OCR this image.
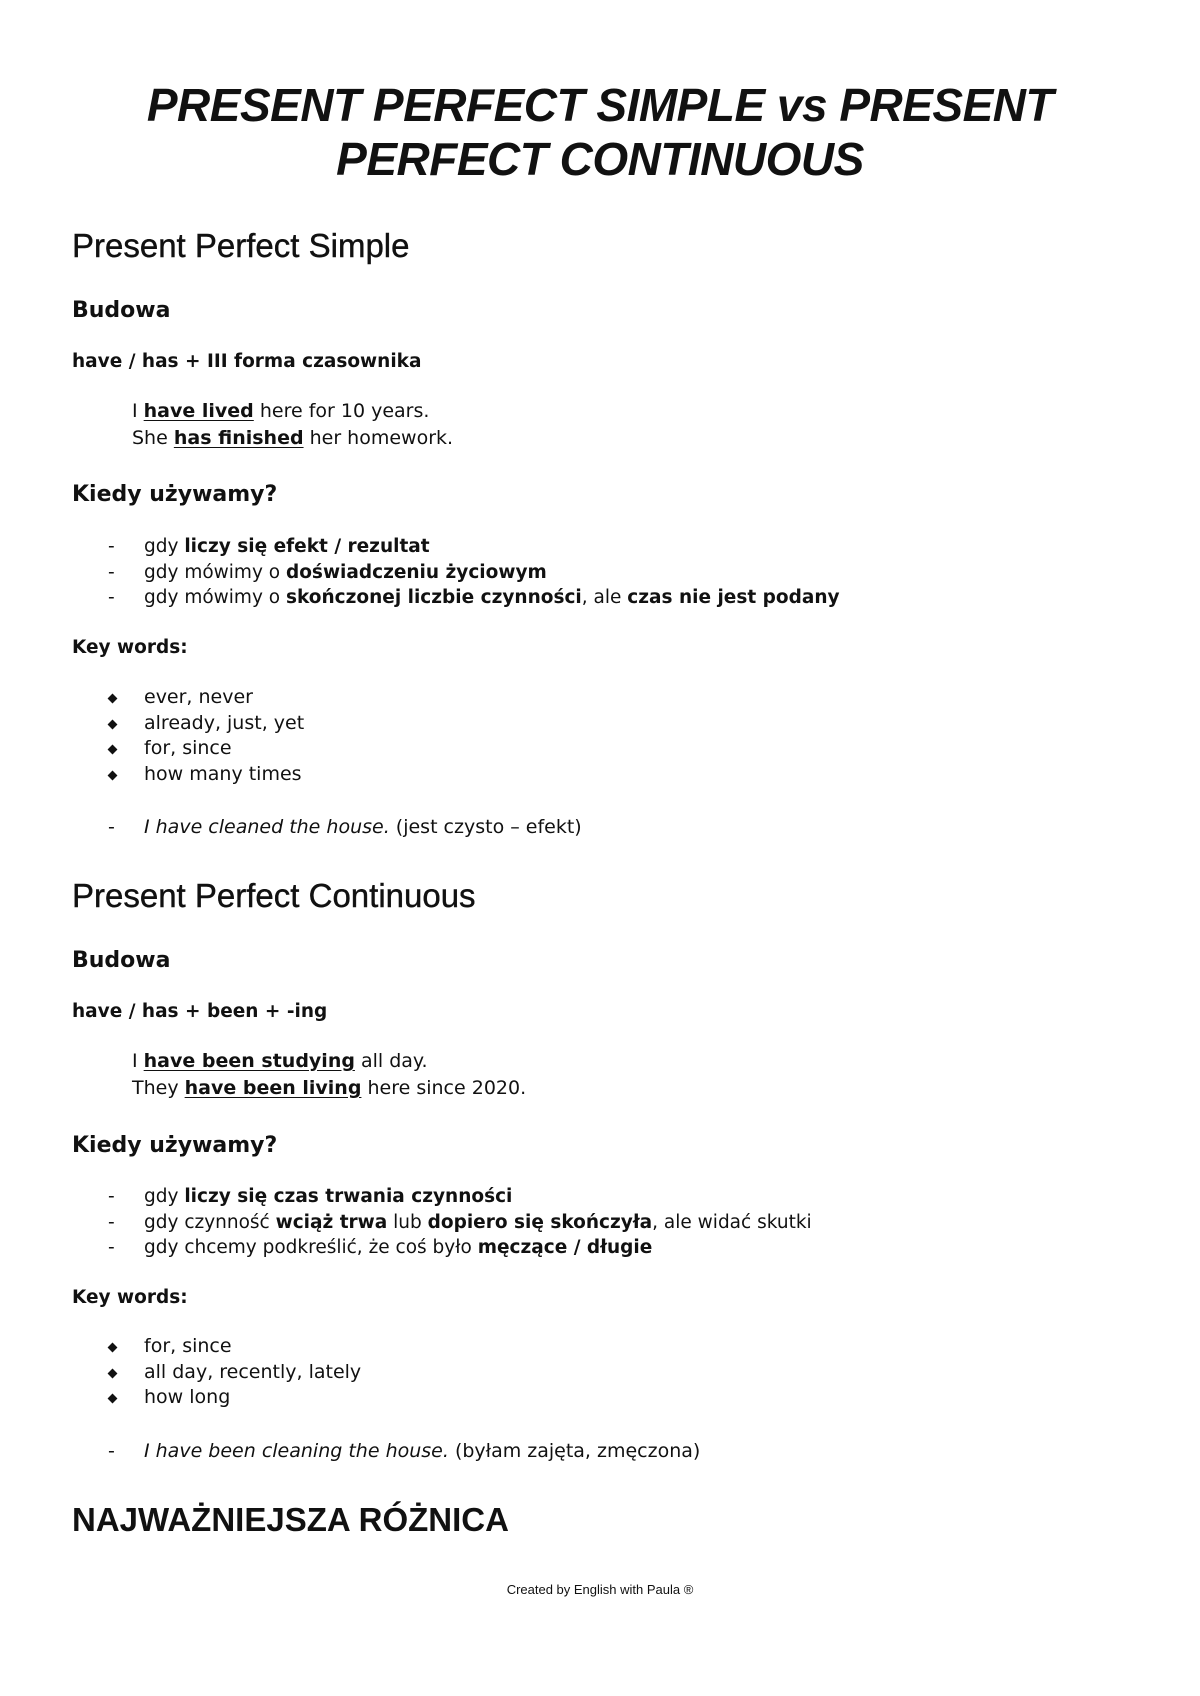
PRESENT PERFECT SIMPLE vs PRESENT
PERFECT CONTINUOUS
Present Perfect Simple
Budowa
have / has + III forma czasownika
I have lived here for 10 years.
She has finished her homework.
Kiedy używamy?
- gdy liczy się efekt / rezultat
- gdy mówimy o doświadczeniu życiowym
- gdy mówimy o skończonej liczbie czynności, ale czas nie jest podany
Key words:
ever, never
already, just, yet
for, since
how many times
- I have cleaned the house. (jest czysto – efekt)
Present Perfect Continuous
Budowa
have / has + been + -ing
I have been studying all day.
They have been living here since 2020.
Kiedy używamy?
- gdy liczy się czas trwania czynności
- gdy czynność wciąż trwa lub dopiero się skończyła, ale widać skutki
- gdy chcemy podkreślić, że coś było męczące / długie
Key words:
for, since
all day, recently, lately
how long
- I have been cleaning the house. (byłam zajęta, zmęczona)
NAJWAŻNIEJSZA RÓŻNICA
Created by English with Paula ®
